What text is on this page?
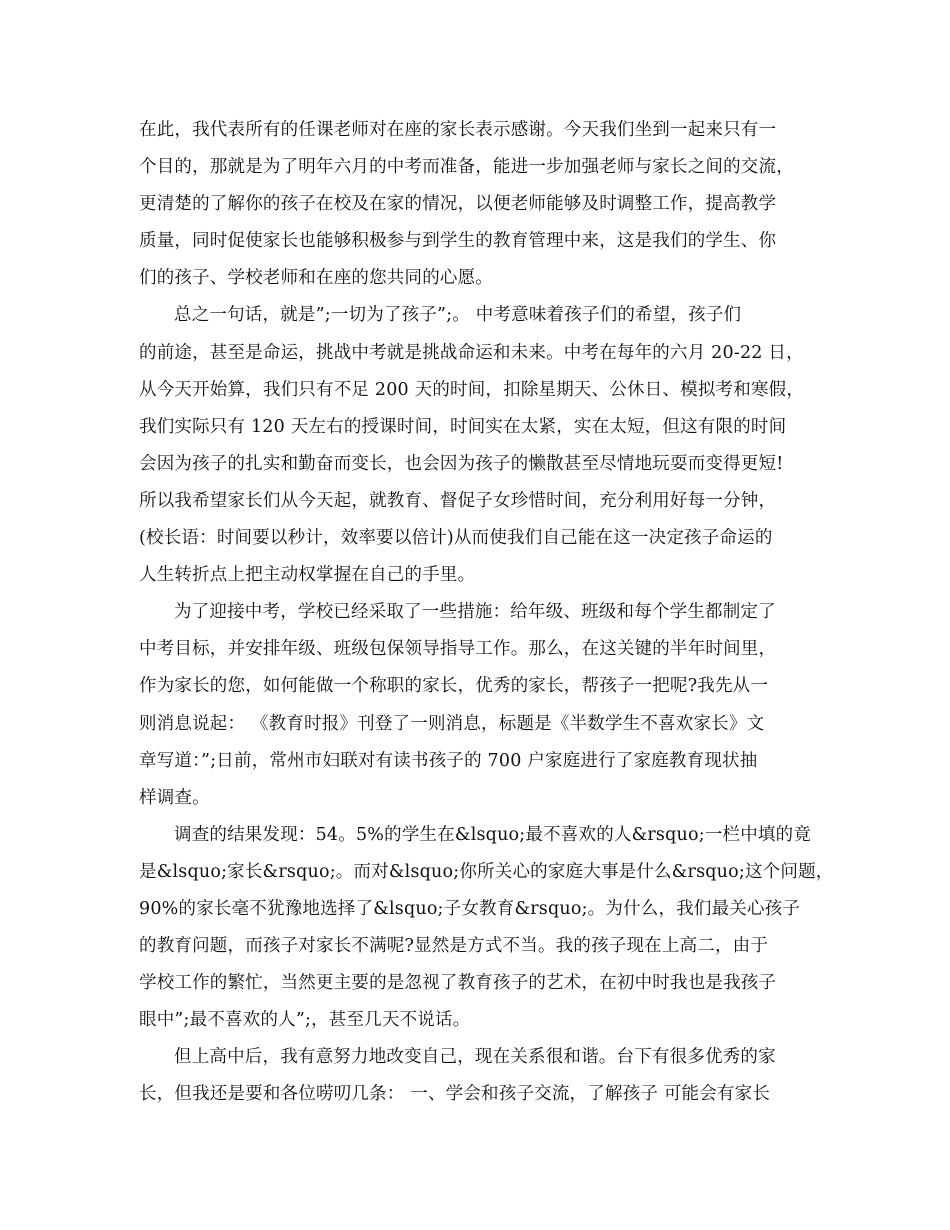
在此，我代表所有的任课老师对在座的家长表示感谢。今天我们坐到一起来只有一
个目的，那就是为了明年六月的中考而准备，能进一步加强老师与家长之间的交流，
更清楚的了解你的孩子在校及在家的情况，以便老师能够及时调整工作，提高教学
质量，同时促使家长也能够积极参与到学生的教育管理中来，这是我们的学生、你
们的孩子、学校老师和在座的您共同的心愿。
总之一句话，就是”;一切为了孩子”;。 中考意味着孩子们的希望，孩子们
的前途，甚至是命运，挑战中考就是挑战命运和未来。中考在每年的六月 20-22 日，
从今天开始算，我们只有不足 200 天的时间，扣除星期天、公休日、模拟考和寒假，
我们实际只有 120 天左右的授课时间，时间实在太紧，实在太短，但这有限的时间
会因为孩子的扎实和勤奋而变长，也会因为孩子的懒散甚至尽情地玩耍而变得更短!
所以我希望家长们从今天起，就教育、督促子女珍惜时间，充分利用好每一分钟，
(校长语：时间要以秒计，效率要以倍计)从而使我们自己能在这一决定孩子命运的
人生转折点上把主动权掌握在自己的手里。
为了迎接中考，学校已经采取了一些措施：给年级、班级和每个学生都制定了
中考目标，并安排年级、班级包保领导指导工作。那么，在这关键的半年时间里，
作为家长的您，如何能做一个称职的家长，优秀的家长，帮孩子一把呢?我先从一
则消息说起： 《教育时报》刊登了一则消息，标题是《半数学生不喜欢家长》文
章写道：”;日前，常州市妇联对有读书孩子的 700 户家庭进行了家庭教育现状抽
样调查。
调查的结果发现：54。5%的学生在&lsquo;最不喜欢的人&rsquo;一栏中填的竟
是&lsquo;家长&rsquo;。而对&lsquo;你所关心的家庭大事是什么&rsquo;这个问题，
90%的家长毫不犹豫地选择了&lsquo;子女教育&rsquo;。为什么，我们最关心孩子
的教育问题，而孩子对家长不满呢?显然是方式不当。我的孩子现在上高二，由于
学校工作的繁忙，当然更主要的是忽视了教育孩子的艺术，在初中时我也是我孩子
眼中”;最不喜欢的人”;，甚至几天不说话。
但上高中后，我有意努力地改变自己，现在关系很和谐。台下有很多优秀的家
长，但我还是要和各位唠叨几条： 一、学会和孩子交流，了解孩子 可能会有家长
